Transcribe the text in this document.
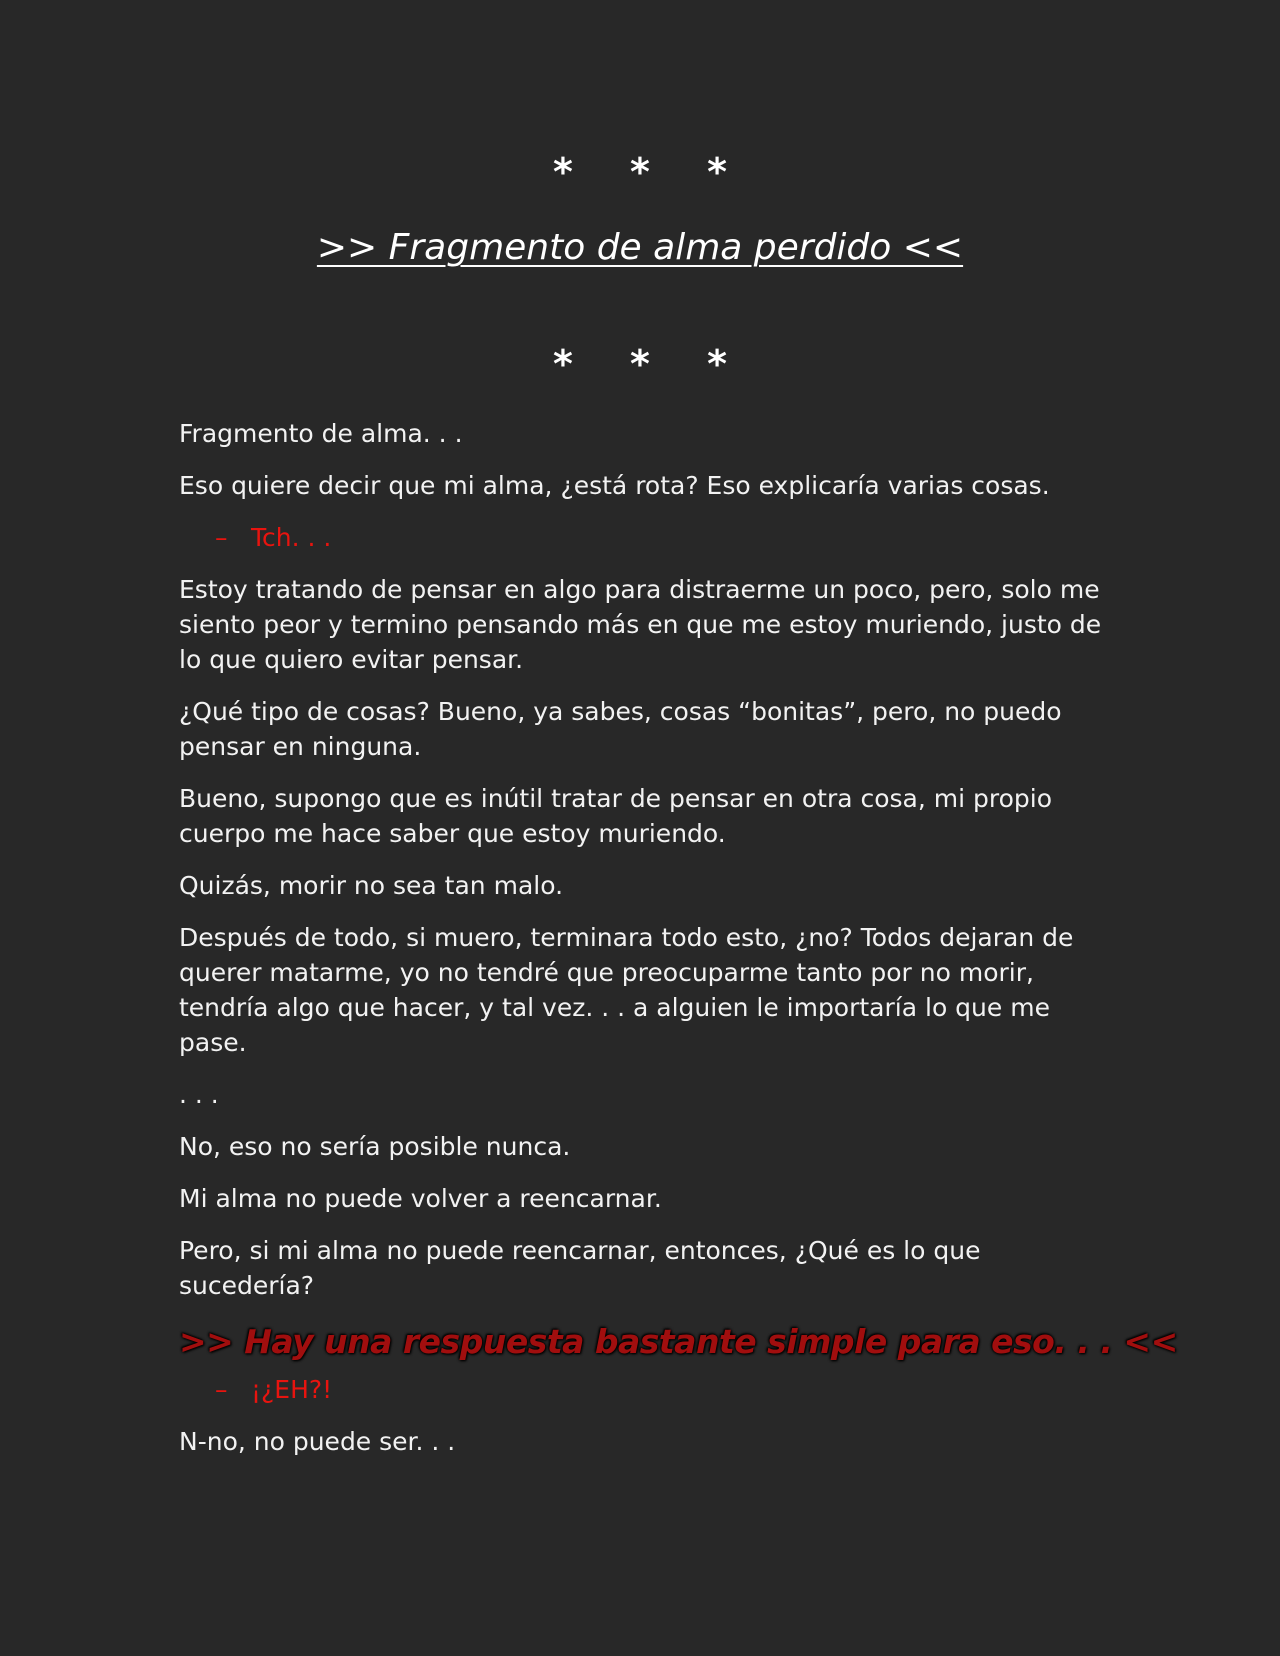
* * *
>> Fragmento de alma perdido <<
* * *

Fragmento de alma. . .

Eso quiere decir que mi alma, ¿está rota? Eso explicaría varias cosas.

– Tch. . .

Estoy tratando de pensar en algo para distraerme un poco, pero, solo me siento peor y termino pensando más en que me estoy muriendo, justo de lo que quiero evitar pensar.

¿Qué tipo de cosas? Bueno, ya sabes, cosas “bonitas”, pero, no puedo pensar en ninguna.

Bueno, supongo que es inútil tratar de pensar en otra cosa, mi propio cuerpo me hace saber que estoy muriendo.

Quizás, morir no sea tan malo.

Después de todo, si muero, terminara todo esto, ¿no? Todos dejaran de querer matarme, yo no tendré que preocuparme tanto por no morir, tendría algo que hacer, y tal vez. . . a alguien le importaría lo que me pase.

. . .

No, eso no sería posible nunca.

Mi alma no puede volver a reencarnar.

Pero, si mi alma no puede reencarnar, entonces, ¿Qué es lo que sucedería?

>> Hay una respuesta bastante simple para eso. . . <<
– ¡¿EH?!

N-no, no puede ser. . .
